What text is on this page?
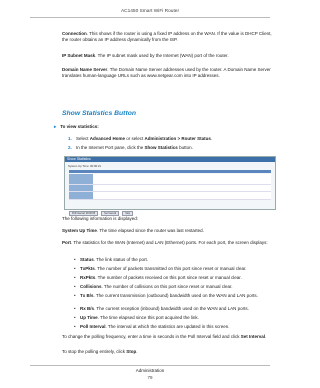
AC1450 Smart WiFi Router
Connection. This shows if the router is using a fixed IP address on the WAN. If the value is DHCP Client, the router obtains an IP address dynamically from the ISP.
IP Subnet Mask. The IP subnet mask used by the Internet (WAN) port of the router.
Domain Name Server. The Domain Name Server addresses used by the router. A Domain Name Server translates human-language URLs such as www.netgear.com into IP addresses.
Show Statistics Button
▸ To view statistics:
1. Select Advanced Home or select Administration > Router Status.
2. In the Internet Port pane, click the Show Statistics button.
Show Statistics
System Up Time: 00:06:21
Poll Interval: 00:00:05	Set Interval	Stop
The following information is displayed:
System Up Time. The time elapsed since the router was last restarted.
Port. The statistics for the WAN (Internet) and LAN (Ethernet) ports. For each port, the screen displays:
• Status. The link status of the port.
• TxPkts. The number of packets transmitted on this port since reset or manual clear.
• RxPkts. The number of packets received on this port since reset or manual clear.
• Collisions. The number of collisions on this port since reset or manual clear.
• Tx B/s. The current transmission (outbound) bandwidth used on the WAN and LAN ports.
• Rx B/s. The current reception (inbound) bandwidth used on the WAN and LAN ports.
• Up Time. The time elapsed since this port acquired the link.
• Poll Interval. The interval at which the statistics are updated in this screen.
To change the polling frequency, enter a time in seconds in the Poll Interval field and click Set Interval.
To stop the polling entirely, click Stop.
Administration
79
